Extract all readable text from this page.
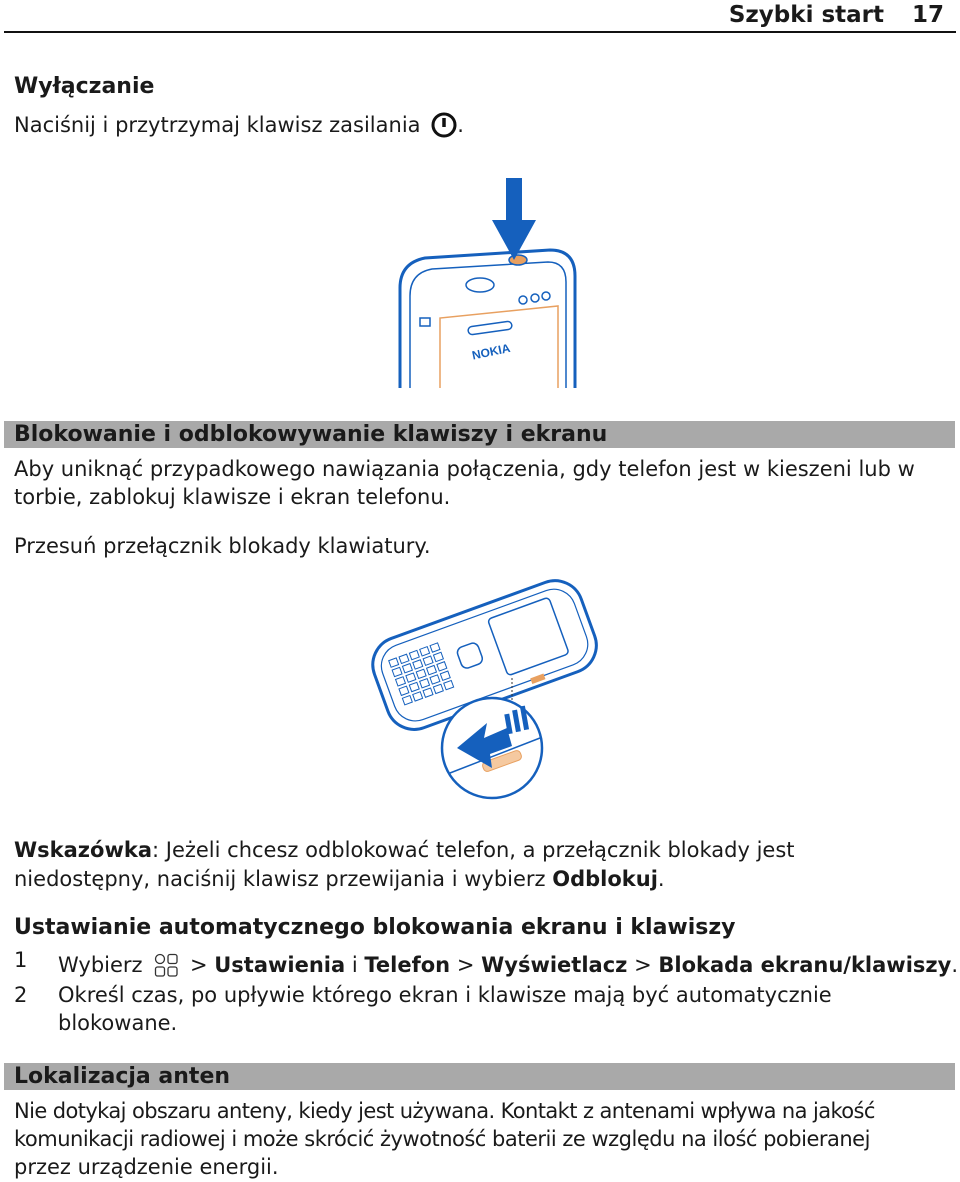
Szybki start 17
Wyłączanie
Naciśnij i przytrzymaj klawisz zasilania .
NOKIA
Blokowanie i odblokowywanie klawiszy i ekranu
Aby uniknąć przypadkowego nawiązania połączenia, gdy telefon jest w kieszeni lub w
torbie, zablokuj klawisze i ekran telefonu.
Przesuń przełącznik blokady klawiatury.
Wskazówka: Jeżeli chcesz odblokować telefon, a przełącznik blokady jest
niedostępny, naciśnij klawisz przewijania i wybierz Odblokuj.
Ustawianie automatycznego blokowania ekranu i klawiszy
1 Wybierz > Ustawienia i Telefon > Wyświetlacz > Blokada ekranu/klawiszy.
2 Określ czas, po upływie którego ekran i klawisze mają być automatycznie
blokowane.
Lokalizacja anten
Nie dotykaj obszaru anteny, kiedy jest używana. Kontakt z antenami wpływa na jakość
komunikacji radiowej i może skrócić żywotność baterii ze względu na ilość pobieranej
przez urządzenie energii.
